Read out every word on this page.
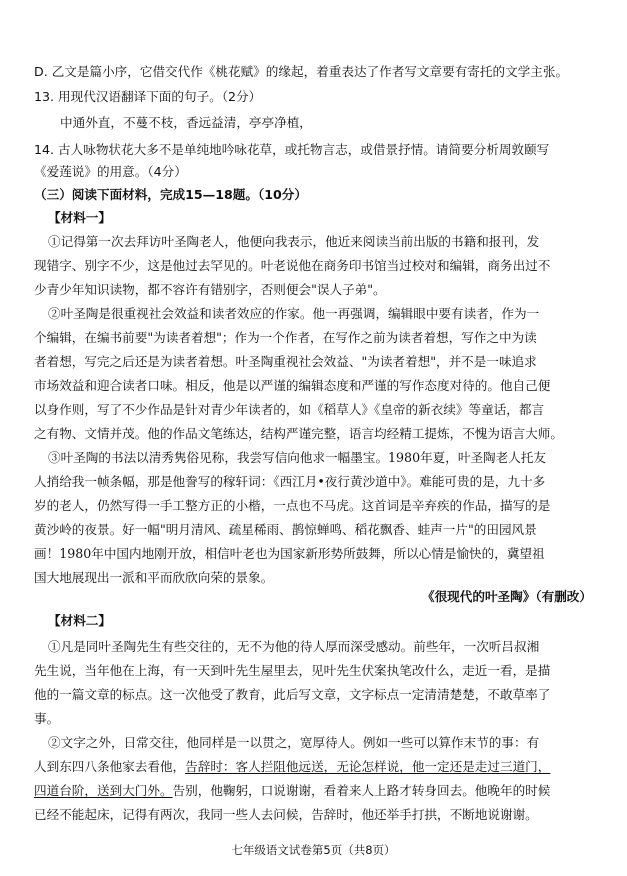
D. 乙文是篇小序，它借交代作《桃花赋》的缘起，着重表达了作者写文章要有寄托的文学主张。
13. 用现代汉语翻译下面的句子。（2分）
中通外直，不蔓不枝，香远益清，亭亭净植，
14. 古人咏物状花大多不是单纯地吟咏花草，或托物言志，或借景抒情。请简要分析周敦颐写
《爱莲说》的用意。（4分）
（三）阅读下面材料，完成15—18题。（10分）
【材料一】
①记得第一次去拜访叶圣陶老人，他便向我表示，他近来阅读当前出版的书籍和报刊，发
现错字、别字不少，这是他过去罕见的。叶老说他在商务印书馆当过校对和编辑，商务出过不
少青少年知识读物，都不容许有错别字，否则便会"误人子弟"。
②叶圣陶是很重视社会效益和读者效应的作家。他一再强调，编辑眼中要有读者，作为一
个编辑，在编书前要"为读者着想"；作为一个作者，在写作之前为读者着想，写作之中为读
者着想，写完之后还是为读者着想。叶圣陶重视社会效益、"为读者着想"，并不是一味追求
市场效益和迎合读者口味。相反，他是以严谨的编辑态度和严谨的写作态度对待的。他自己便
以身作则，写了不少作品是针对青少年读者的，如《稻草人》《皇帝的新衣续》等童话，都言
之有物、文情并茂。他的作品文笔练达，结构严谨完整，语言均经精工提炼，不愧为语言大师。
③叶圣陶的书法以清秀隽俗见称，我尝写信向他求一幅墨宝。1980年夏，叶圣陶老人托友
人捎给我一帧条幅，那是他誊写的稼轩词：《西江月•夜行黄沙道中》。难能可贵的是，九十多
岁的老人，仍然写得一手工整方正的小楷，一点也不马虎。这首词是辛弃疾的作品，描写的是
黄沙岭的夜景。好一幅"明月清风、疏星稀雨、鹊惊蝉鸣、稻花飘香、蛙声一片"的田园风景
画！1980年中国内地刚开放，相信叶老也为国家新形势所鼓舞，所以心情是愉快的，冀望祖
国大地展现出一派和平而欣欣向荣的景象。
《很现代的叶圣陶》（有删改）
【材料二】
①凡是同叶圣陶先生有些交往的，无不为他的待人厚而深受感动。前些年，一次听吕叔湘
先生说，当年他在上海，有一天到叶先生屋里去，见叶先生伏案执笔改什么，走近一看，是描
他的一篇文章的标点。这一次他受了教育，此后写文章，文字标点一定清清楚楚，不敢草率了
事。
②文字之外，日常交往，他同样是一以贯之，宽厚待人。例如一些可以算作末节的事：有
人到东四八条他家去看他，告辞时：客人拦阻他远送，无论怎样说，他一定还是走过三道门，
四道台阶，送到大门外。告别，他鞠躬，口说谢谢，看着来人上路才转身回去。他晚年的时候
已经不能起床，记得有两次，我同一些人去问候，告辞时，他还举手打拱，不断地说谢谢。
七年级语文试卷第5页（共8页）
